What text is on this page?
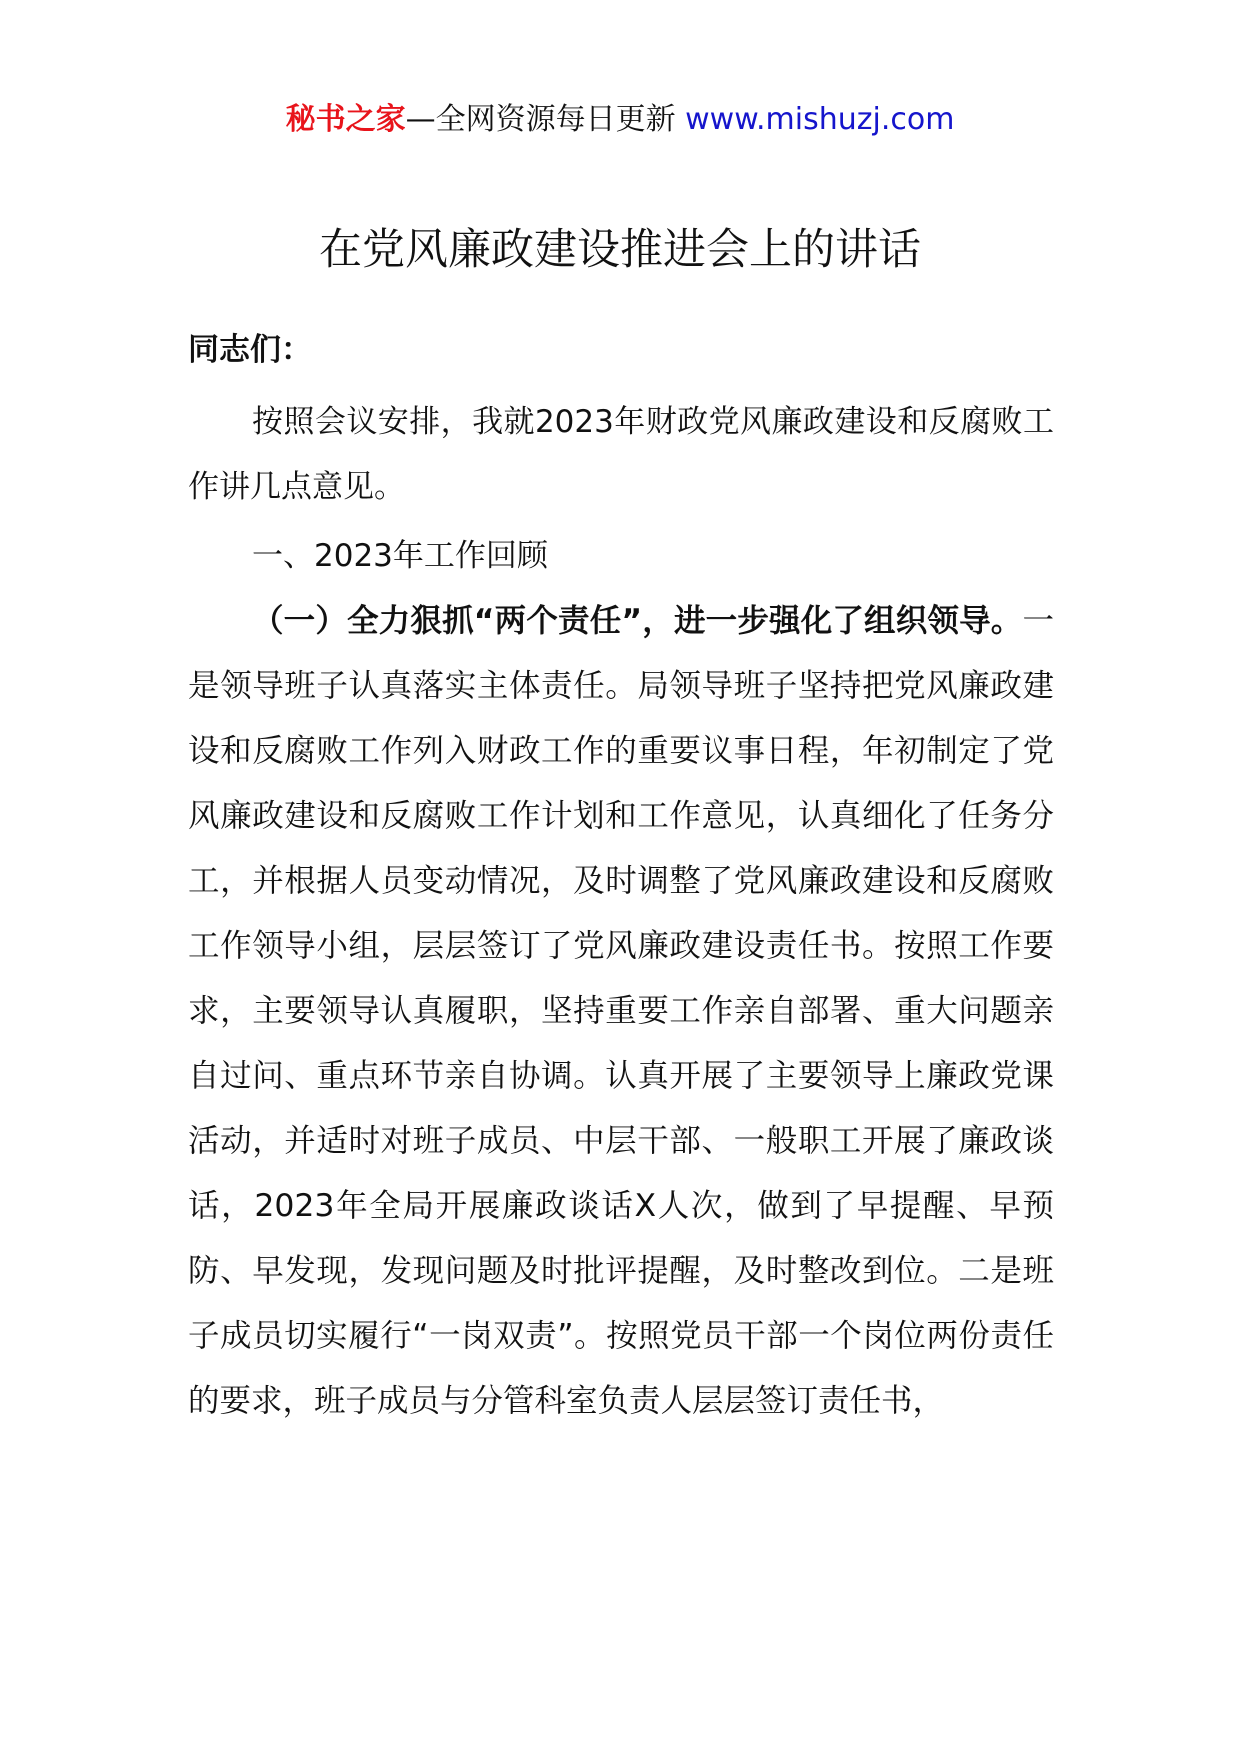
秘书之家—全网资源每日更新 www.mishuzj.com
在党风廉政建设推进会上的讲话

同志们：

按照会议安排，我就2023年财政党风廉政建设和反腐败工作讲几点意见。

一、2023年工作回顾

（一）全力狠抓“两个责任”，进一步强化了组织领导。一是领导班子认真落实主体责任。局领导班子坚持把党风廉政建设和反腐败工作列入财政工作的重要议事日程，年初制定了党风廉政建设和反腐败工作计划和工作意见，认真细化了任务分工，并根据人员变动情况，及时调整了党风廉政建设和反腐败工作领导小组，层层签订了党风廉政建设责任书。按照工作要求，主要领导认真履职，坚持重要工作亲自部署、重大问题亲自过问、重点环节亲自协调。认真开展了主要领导上廉政党课活动，并适时对班子成员、中层干部、一般职工开展了廉政谈话，2023年全局开展廉政谈话X人次，做到了早提醒、早预防、早发现，发现问题及时批评提醒，及时整改到位。二是班子成员切实履行“一岗双责”。按照党员干部一个岗位两份责任的要求，班子成员与分管科室负责人层层签订责任书，
